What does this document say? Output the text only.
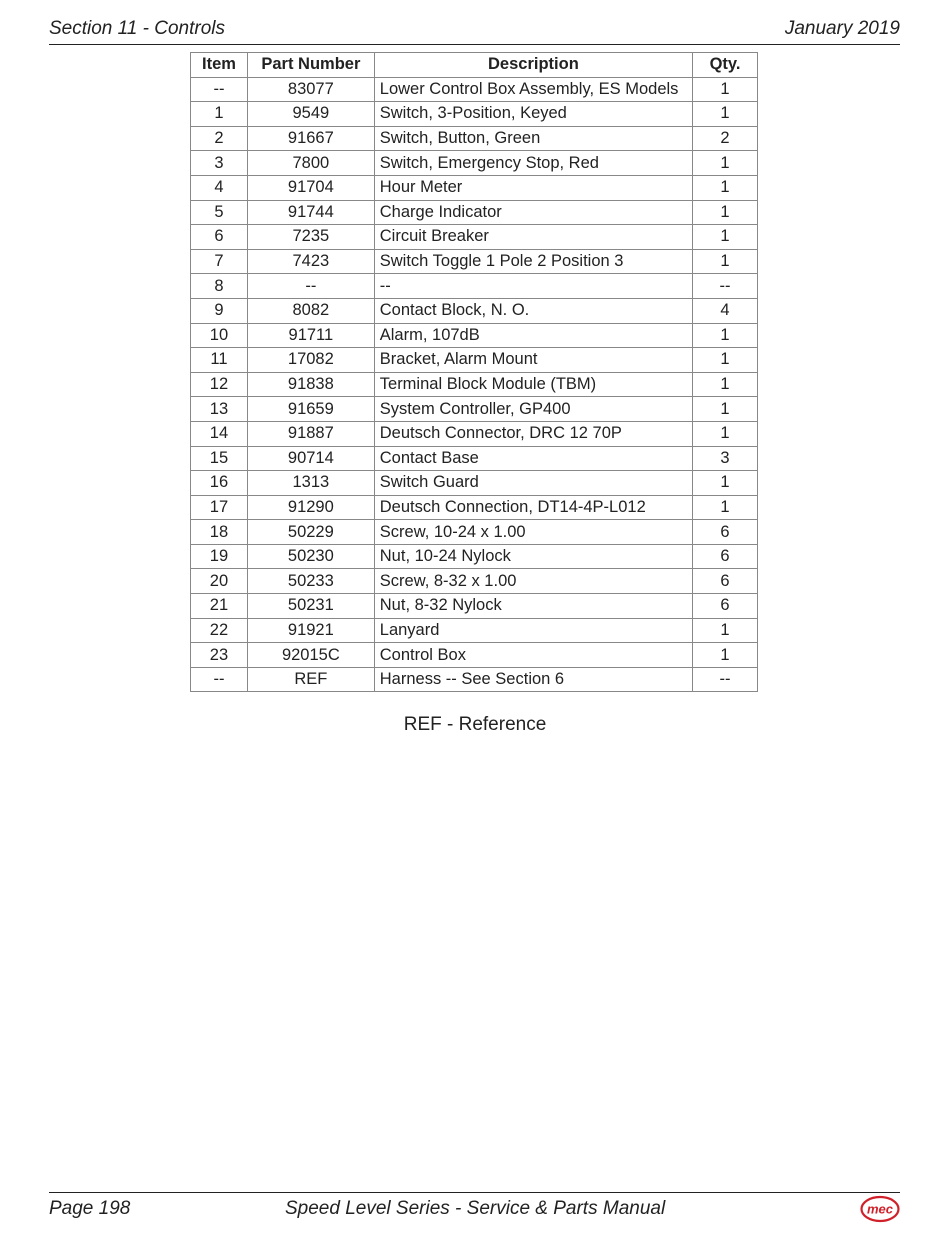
Section 11 - Controls	January 2019
Item	Part Number	Description	Qty.
--	83077	Lower Control Box Assembly, ES Models	1
1	9549	Switch, 3-Position, Keyed	1
2	91667	Switch, Button, Green	2
3	7800	Switch, Emergency Stop, Red	1
4	91704	Hour Meter	1
5	91744	Charge Indicator	1
6	7235	Circuit Breaker	1
7	7423	Switch Toggle 1 Pole 2 Position 3	1
8	--	--	--
9	8082	Contact Block, N. O.	4
10	91711	Alarm, 107dB	1
11	17082	Bracket, Alarm Mount	1
12	91838	Terminal Block Module (TBM)	1
13	91659	System Controller, GP400	1
14	91887	Deutsch Connector, DRC 12 70P	1
15	90714	Contact Base	3
16	1313	Switch Guard	1
17	91290	Deutsch Connection, DT14-4P-L012	1
18	50229	Screw, 10-24 x 1.00	6
19	50230	Nut, 10-24 Nylock	6
20	50233	Screw, 8-32 x 1.00	6
21	50231	Nut, 8-32 Nylock	6
22	91921	Lanyard	1
23	92015C	Control Box	1
--	REF	Harness -- See Section 6	--
REF - Reference
Page 198	Speed Level Series - Service & Parts Manual	mec
